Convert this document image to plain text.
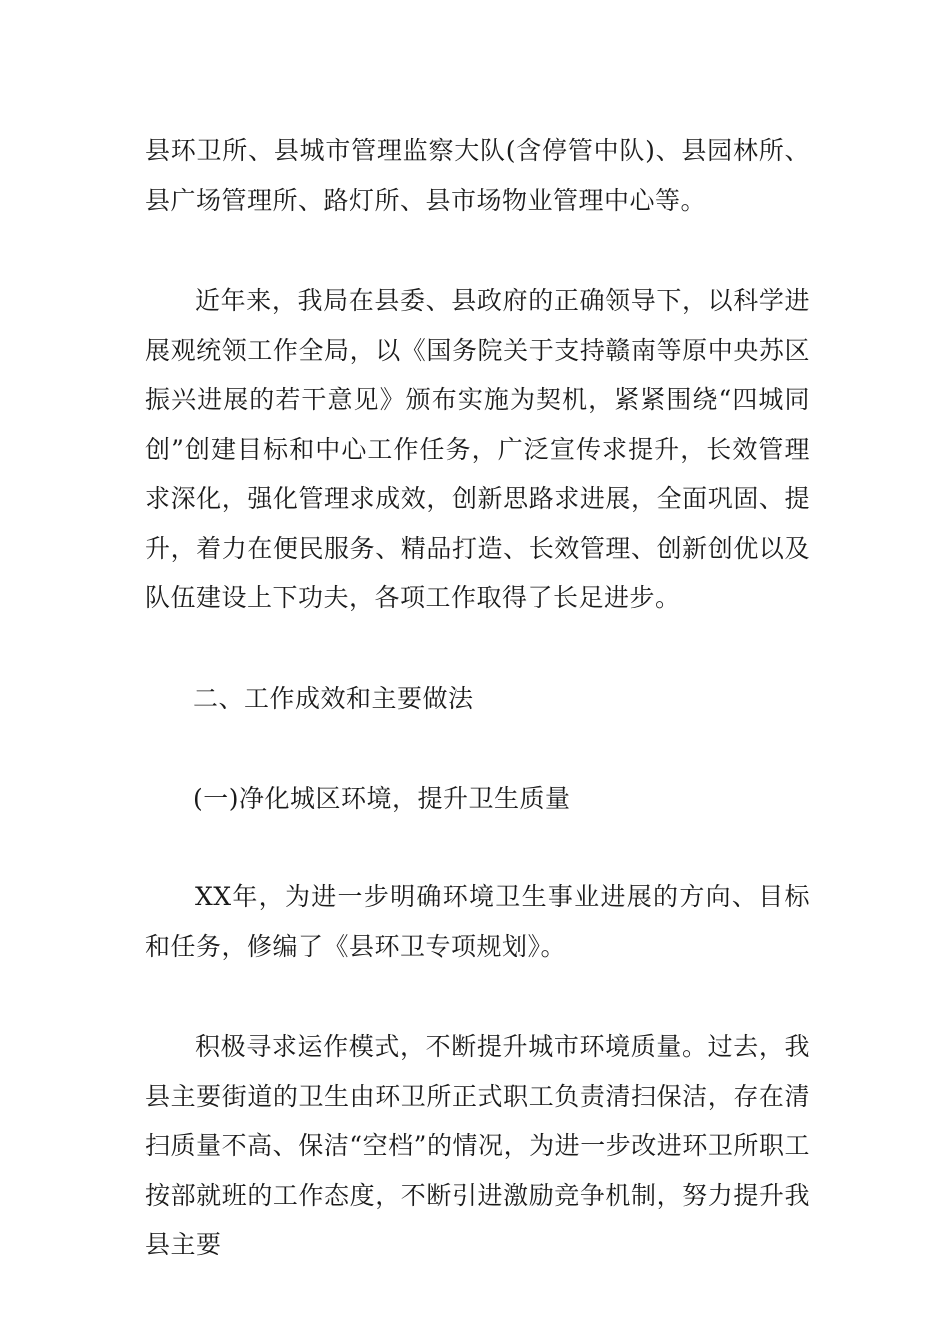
县环卫所、县城市管理监察大队(含停管中队)、县园林所、县广场管理所、路灯所、县市场物业管理中心等。

近年来，我局在县委、县政府的正确领导下，以科学进展观统领工作全局，以《国务院关于支持赣南等原中央苏区振兴进展的若干意见》颁布实施为契机，紧紧围绕“四城同创”创建目标和中心工作任务，广泛宣传求提升，长效管理求深化，强化管理求成效，创新思路求进展，全面巩固、提升，着力在便民服务、精品打造、长效管理、创新创优以及队伍建设上下功夫，各项工作取得了长足进步。

二、工作成效和主要做法

(一)净化城区环境，提升卫生质量

XX年，为进一步明确环境卫生事业进展的方向、目标和任务，修编了《县环卫专项规划》。

积极寻求运作模式，不断提升城市环境质量。过去，我县主要街道的卫生由环卫所正式职工负责清扫保洁，存在清扫质量不高、保洁“空档”的情况，为进一步改进环卫所职工按部就班的工作态度，不断引进激励竞争机制，努力提升我县主要
